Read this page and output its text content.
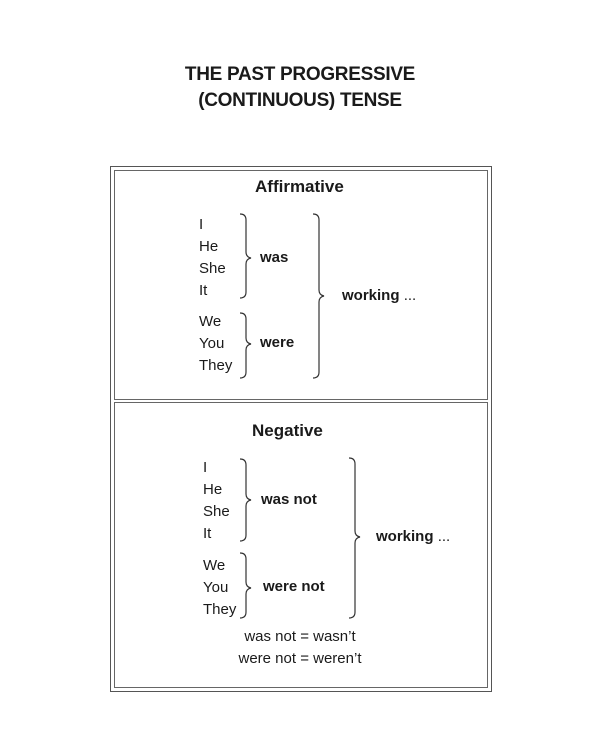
THE PAST PROGRESSIVE
(CONTINUOUS) TENSE
Affirmative
I
He
She
It
We
You
They
was
were
working ...
Negative
I
He
She
It
We
You
They
was not
were not
working ...
was not = wasn’t
were not = weren’t
